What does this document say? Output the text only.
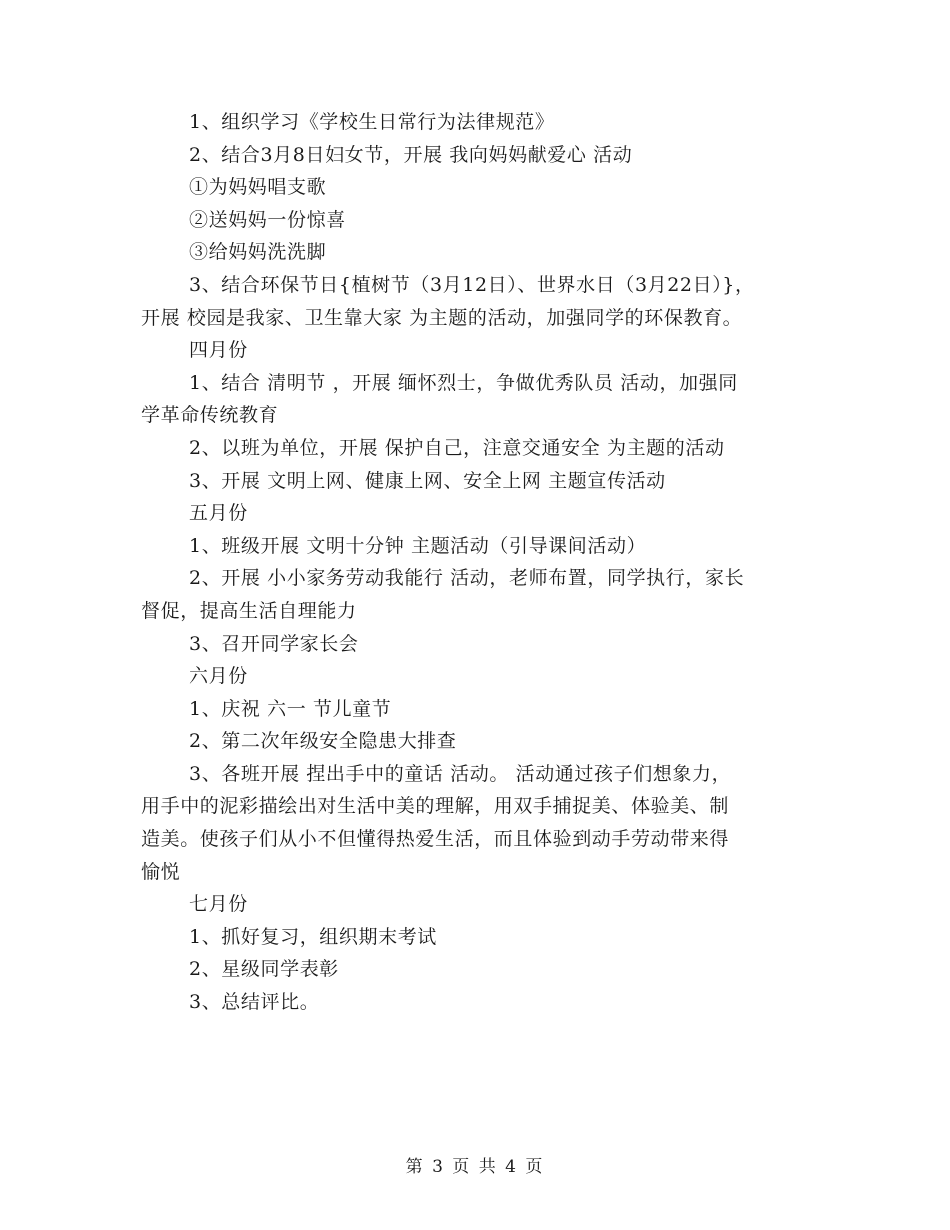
1、组织学习《学校生日常行为法律规范》
2、结合3月8日妇女节，开展 我向妈妈献爱心 活动
①为妈妈唱支歌
②送妈妈一份惊喜
③给妈妈洗洗脚
3、结合环保节日{植树节（3月12日）、世界水日（3月22日）}，
开展 校园是我家、卫生靠大家 为主题的活动，加强同学的环保教育。
四月份
1、结合 清明节 ，开展 缅怀烈士，争做优秀队员 活动，加强同
学革命传统教育
2、以班为单位，开展 保护自己，注意交通安全 为主题的活动
3、开展 文明上网、健康上网、安全上网 主题宣传活动
五月份
1、班级开展 文明十分钟 主题活动（引导课间活动）
2、开展 小小家务劳动我能行 活动，老师布置，同学执行，家长
督促，提高生活自理能力
3、召开同学家长会
六月份
1、庆祝 六一 节儿童节
2、第二次年级安全隐患大排查
3、各班开展 捏出手中的童话 活动。 活动通过孩子们想象力，
用手中的泥彩描绘出对生活中美的理解，用双手捕捉美、体验美、制
造美。使孩子们从小不但懂得热爱生活，而且体验到动手劳动带来得
愉悦
七月份
1、抓好复习，组织期末考试
2、星级同学表彰
3、总结评比。
第 3 页 共 4 页
